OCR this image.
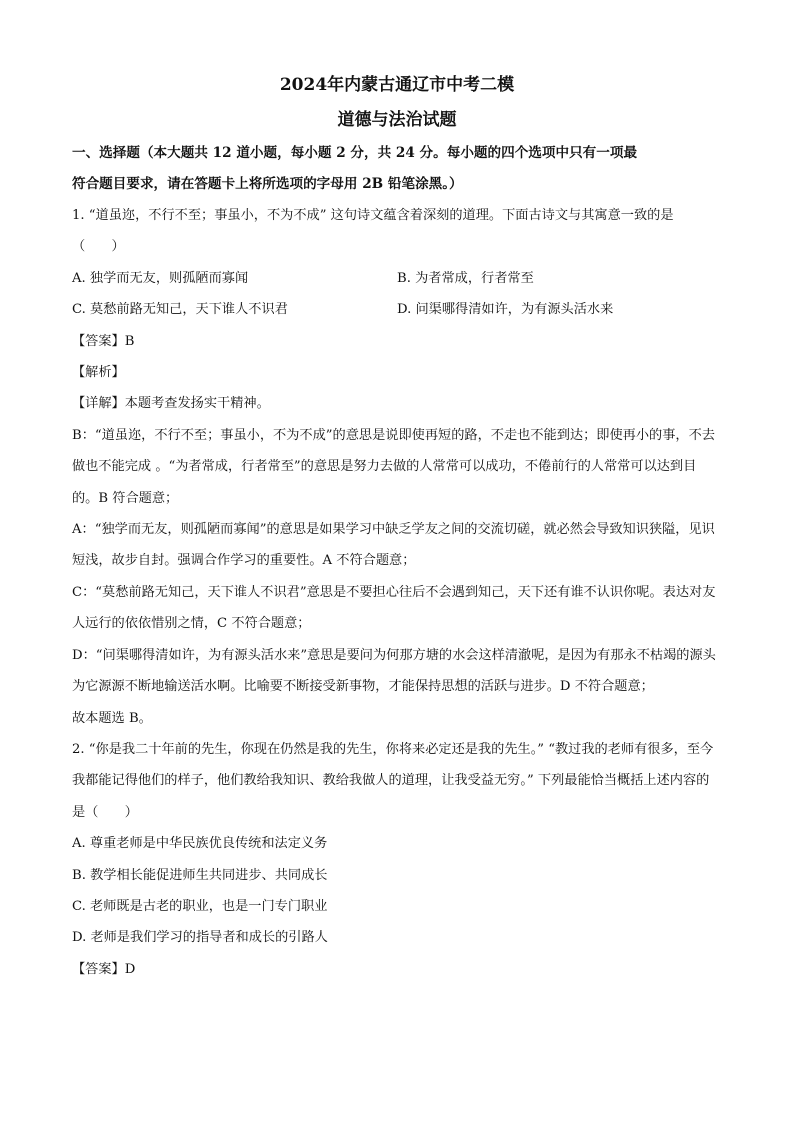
2024年内蒙古通辽市中考二模

道德与法治试题

一、选择题（本大题共 12 道小题，每小题 2 分，共 24 分。每小题的四个选项中只有一项最

符合题目要求，请在答题卡上将所选项的字母用 2B 铅笔涂黑。）

1. “道虽迩，不行不至；事虽小，不为不成” 这句诗文蕴含着深刻的道理。下面古诗文与其寓意一致的是

（　　）

A. 独学而无友，则孤陋而寡闻	B. 为者常成，行者常至
C. 莫愁前路无知己，天下谁人不识君	D. 问渠哪得清如许，为有源头活水来

【答案】B

【解析】

【详解】本题考查发扬实干精神。

B：“道虽迩，不行不至；事虽小，不为不成”的意思是说即使再短的路，不走也不能到达；即使再小的事，不去做也不能完成 。“为者常成，行者常至”的意思是努力去做的人常常可以成功，不倦前行的人常常可以达到目的。B 符合题意；

A：“独学而无友，则孤陋而寡闻”的意思是如果学习中缺乏学友之间的交流切磋，就必然会导致知识狭隘，见识短浅，故步自封。强调合作学习的重要性。A 不符合题意；

C：“莫愁前路无知己，天下谁人不识君”意思是不要担心往后不会遇到知己，天下还有谁不认识你呢。表达对友人远行的依依惜别之情，C 不符合题意；

D：“问渠哪得清如许，为有源头活水来”意思是要问为何那方塘的水会这样清澈呢，是因为有那永不枯竭的源头为它源源不断地输送活水啊。比喻要不断接受新事物，才能保持思想的活跃与进步。D 不符合题意；

故本题选 B。

2. “你是我二十年前的先生，你现在仍然是我的先生，你将来必定还是我的先生。” “教过我的老师有很多，至今我都能记得他们的样子，他们教给我知识、教给我做人的道理，让我受益无穷。” 下列最能恰当概括上述内容的是（　　）

A. 尊重老师是中华民族优良传统和法定义务

B. 教学相长能促进师生共同进步、共同成长

C. 老师既是古老的职业，也是一门专门职业

D. 老师是我们学习的指导者和成长的引路人

【答案】D
